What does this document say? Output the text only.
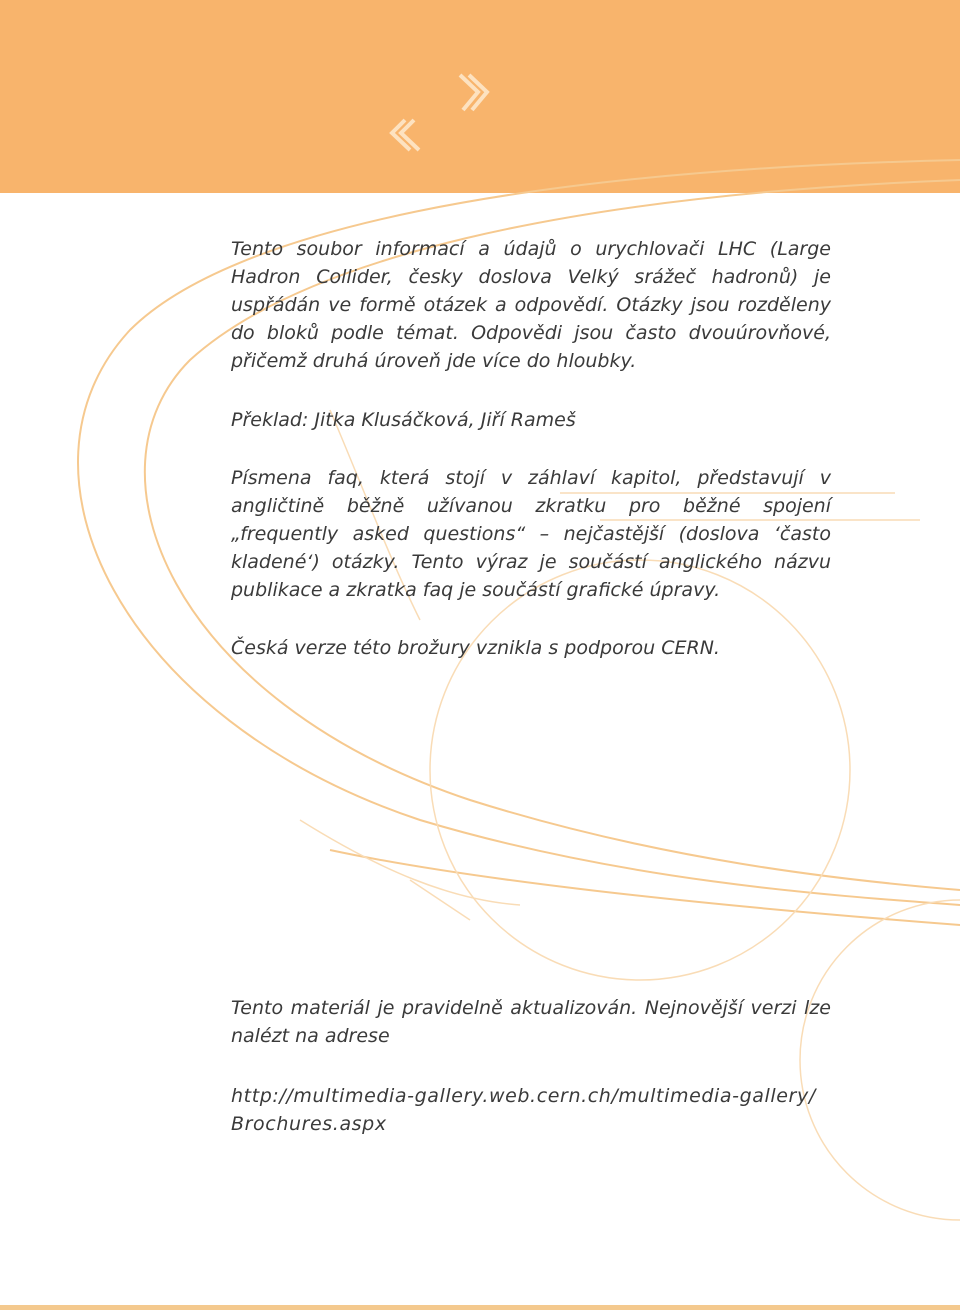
Tento soubor informací a údajů o urychlovači LHC (Large Hadron Collider, česky doslova Velký srážeč hadronů) je uspřádán ve formě otázek a odpovědí. Otázky jsou rozděleny do bloků podle témat. Odpovědi jsou často dvouúrovňové, přičemž druhá úroveň jde více do hloubky.

Překlad: Jitka Klusáčková, Jiří Rameš

Písmena faq, která stojí v záhlaví kapitol, představují v angličtině běžně užívanou zkratku pro běžné spojení „frequently asked questions“ – nejčastější (doslova ‘často kladené‘) otázky. Tento výraz je součástí anglického názvu publikace a zkratka faq je součástí grafické úpravy.

Česká verze této brožury vznikla s podporou CERN.

Tento materiál je pravidelně aktualizován. Nejnovější verzi lze nalézt na adrese

http://multimedia-gallery.web.cern.ch/multimedia-gallery/
Brochures.aspx
